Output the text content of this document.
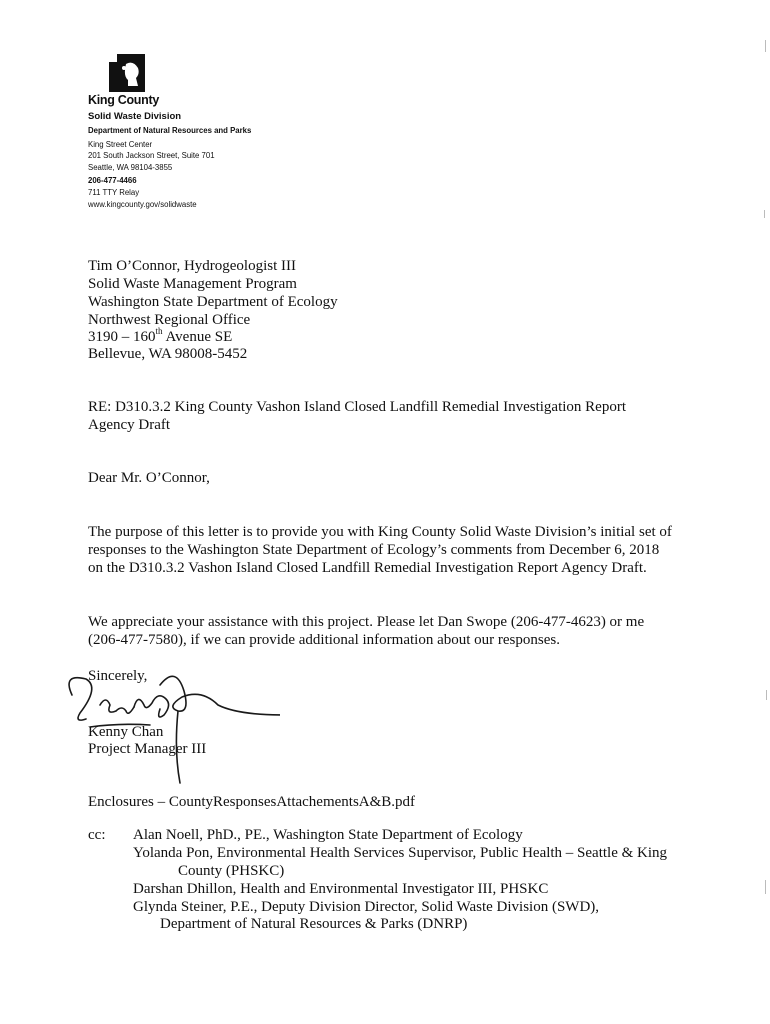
King County
Solid Waste Division
Department of Natural Resources and Parks
King Street Center
201 South Jackson Street, Suite 701
Seattle, WA 98104-3855
206-477-4466
711 TTY Relay
www.kingcounty.gov/solidwaste
Tim O’Connor, Hydrogeologist III
Solid Waste Management Program
Washington State Department of Ecology
Northwest Regional Office
3190 – 160th Avenue SE
Bellevue, WA 98008-5452
RE: D310.3.2 King County Vashon Island Closed Landfill Remedial Investigation Report
Agency Draft
Dear Mr. O’Connor,
The purpose of this letter is to provide you with King County Solid Waste Division’s initial set of responses to the Washington State Department of Ecology’s comments from December 6, 2018 on the D310.3.2 Vashon Island Closed Landfill Remedial Investigation Report Agency Draft.
We appreciate your assistance with this project. Please let Dan Swope (206-477-4623) or me (206-477-7580), if we can provide additional information about our responses.
Sincerely,
Kenny Chan
Project Manager III
Enclosures – CountyResponsesAttachementsA&B.pdf
cc: Alan Noell, PhD., PE., Washington State Department of Ecology
Yolanda Pon, Environmental Health Services Supervisor, Public Health – Seattle & King
County (PHSKC)
Darshan Dhillon, Health and Environmental Investigator III, PHSKC
Glynda Steiner, P.E., Deputy Division Director, Solid Waste Division (SWD),
Department of Natural Resources & Parks (DNRP)
